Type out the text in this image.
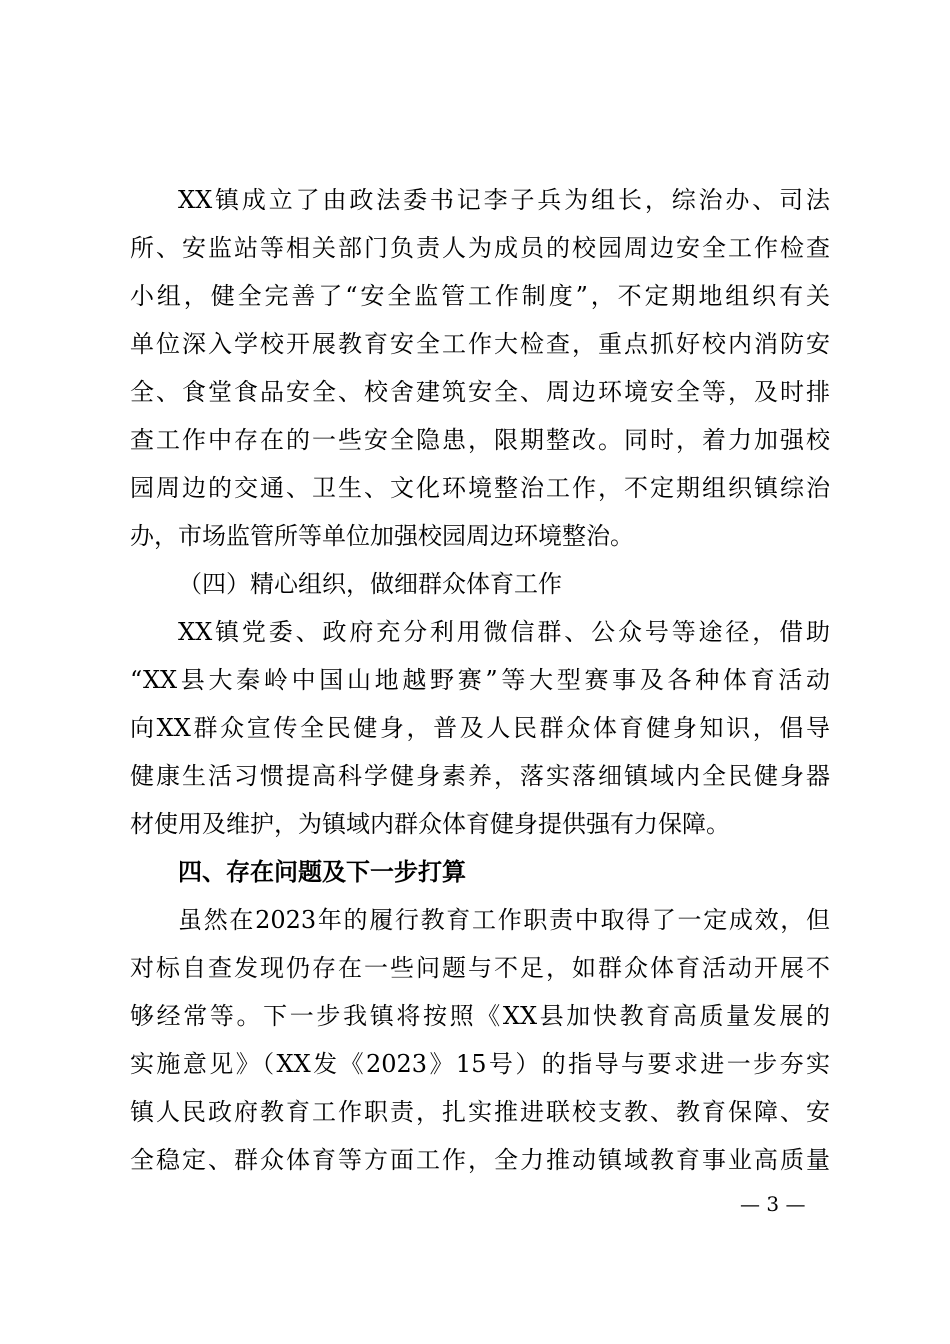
XX镇成立了由政法委书记李子兵为组长，综治办、司法
所、安监站等相关部门负责人为成员的校园周边安全工作检查
小组，健全完善了“安全监管工作制度”，不定期地组织有关
单位深入学校开展教育安全工作大检查，重点抓好校内消防安
全、食堂食品安全、校舍建筑安全、周边环境安全等，及时排
查工作中存在的一些安全隐患，限期整改。同时，着力加强校
园周边的交通、卫生、文化环境整治工作，不定期组织镇综治
办，市场监管所等单位加强校园周边环境整治。
（四）精心组织，做细群众体育工作
XX镇党委、政府充分利用微信群、公众号等途径，借助
“XX县大秦岭中国山地越野赛”等大型赛事及各种体育活动
向XX群众宣传全民健身，普及人民群众体育健身知识，倡导
健康生活习惯提高科学健身素养，落实落细镇域内全民健身器
材使用及维护，为镇域内群众体育健身提供强有力保障。
四、存在问题及下一步打算
虽然在2023年的履行教育工作职责中取得了一定成效，但
对标自查发现仍存在一些问题与不足，如群众体育活动开展不
够经常等。下一步我镇将按照《XX县加快教育高质量发展的
实施意见》（XX发《2023》15号）的指导与要求进一步夯实
镇人民政府教育工作职责，扎实推进联校支教、教育保障、安
全稳定、群众体育等方面工作，全力推动镇域教育事业高质量
— 3 —
